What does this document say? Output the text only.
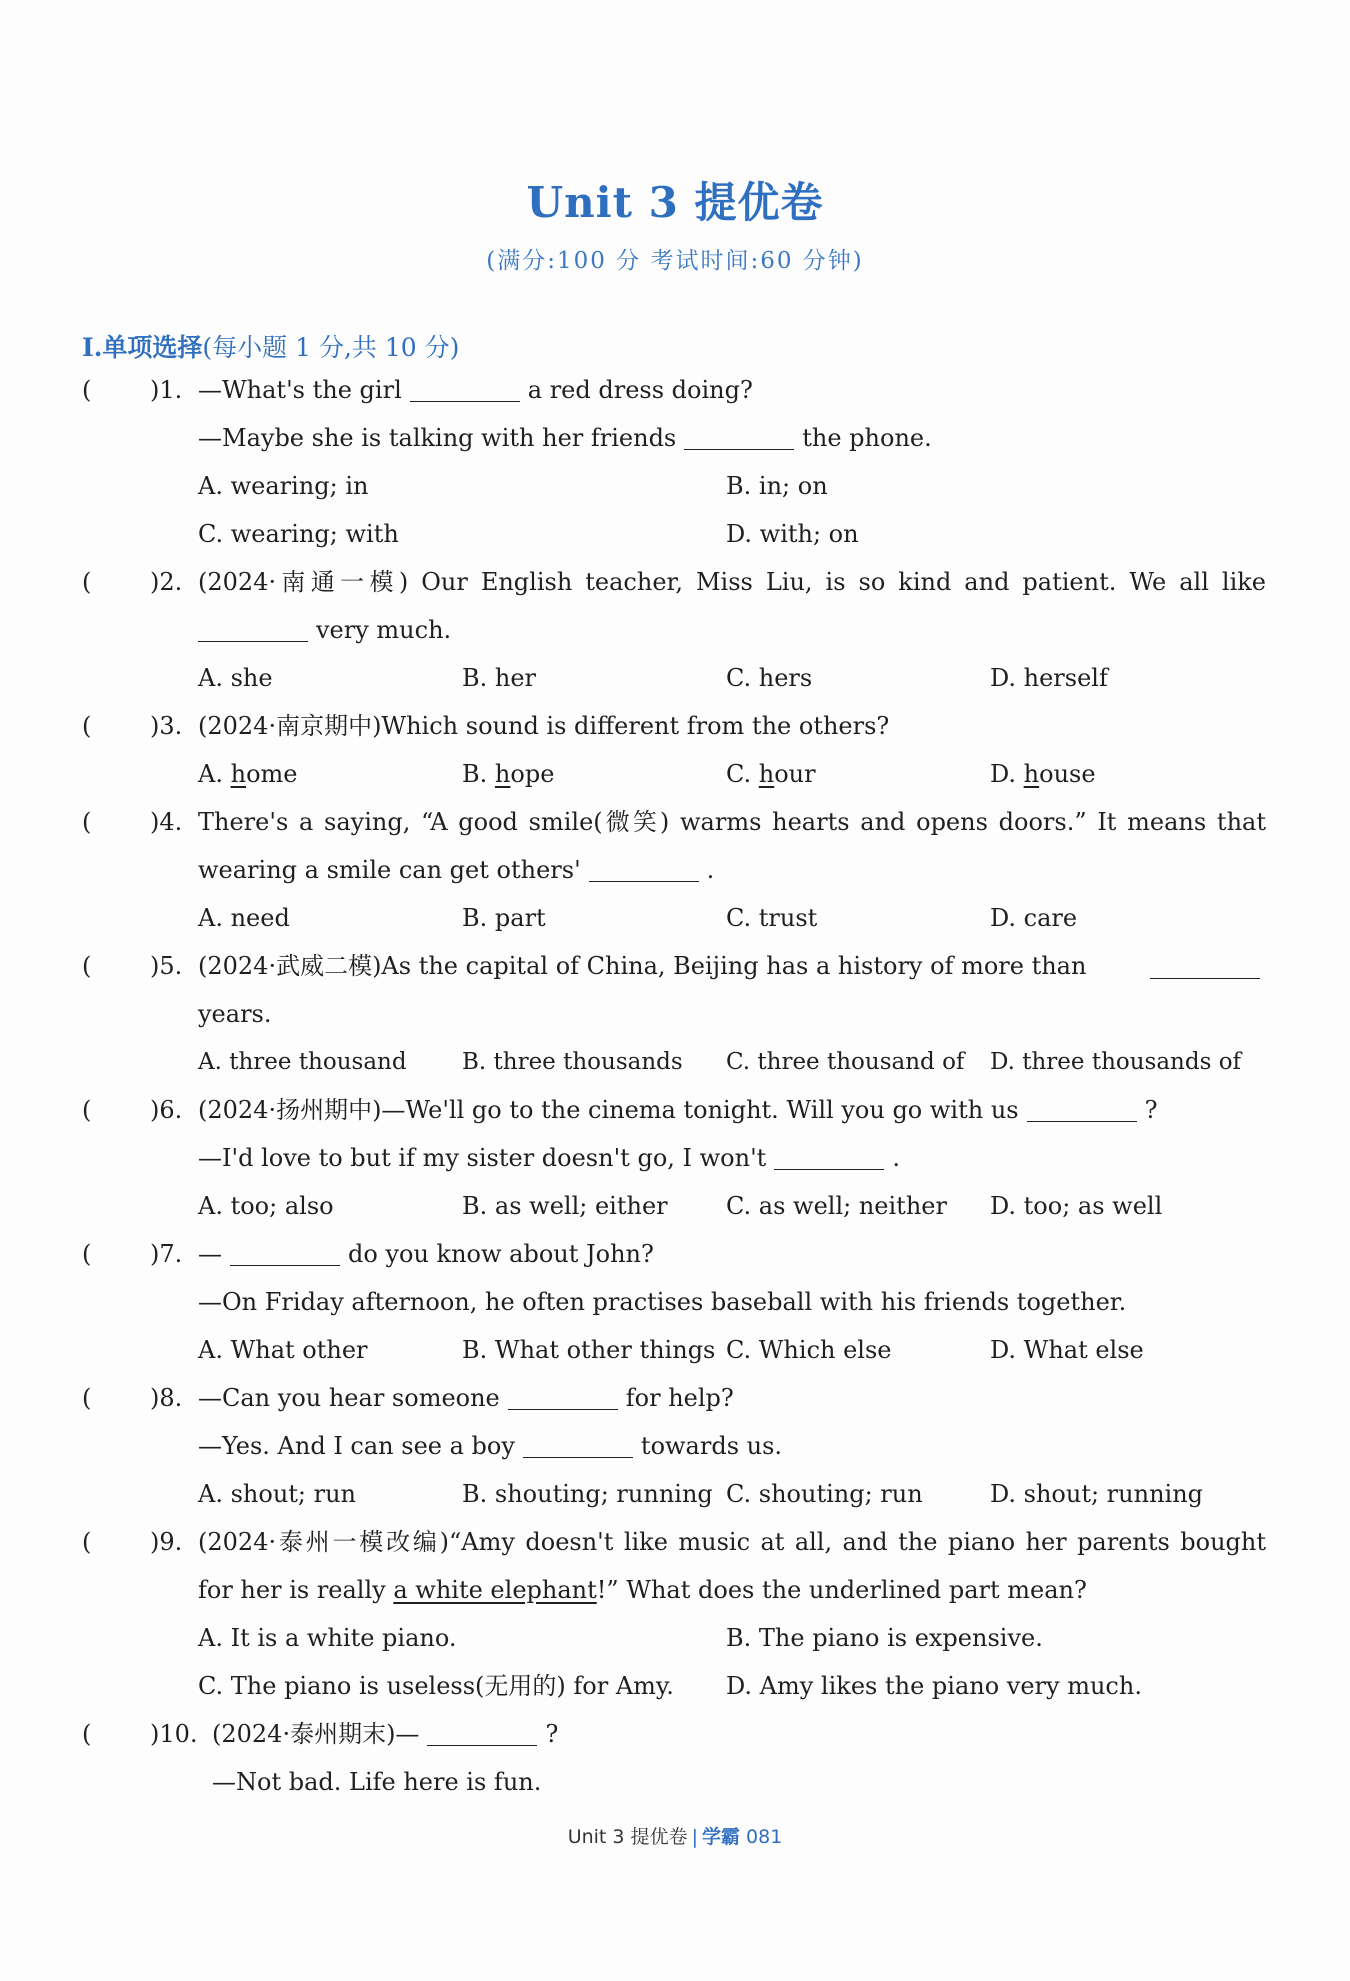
Unit 3 提优卷
(满分:100 分 考试时间:60 分钟)
Ⅰ.单项选择(每小题 1 分,共 10 分)
( )1. —What's the girl	a red dress doing?
—Maybe she is talking with her friends	the phone.
A. wearing; in	B. in; on
C. wearing; with	D. with; on
( )2. (2024·南通一模) Our English teacher, Miss Liu, is so kind and patient. We all like
very much.
A. she	B. her	C. hers	D. herself
( )3. (2024·南京期中)Which sound is different from the others?
A. home	B. hope	C. hour	D. house
( )4. There's a saying, “A good smile(微笑) warms hearts and opens doors.” It means that
wearing a smile can get others'	.
A. need	B. part	C. trust	D. care
( )5. (2024·武威二模)As the capital of China, Beijing has a history of more than
years.
A. three thousand B. three thousands C. three thousand of D. three thousands of
( )6. (2024·扬州期中)—We'll go to the cinema tonight. Will you go with us	?
—I'd love to but if my sister doesn't go, I won't	.
A. too; also	B. as well; either C. as well; neither D. too; as well
( )7. —	do you know about John?
—On Friday afternoon, he often practises baseball with his friends together.
A. What other	B. What other things C. Which else	D. What else
( )8. —Can you hear someone	for help?
—Yes. And I can see a boy	towards us.
A. shout; run	B. shouting; running C. shouting; run	D. shout; running
( )9. (2024·泰州一模改编)“Amy doesn't like music at all, and the piano her parents bought
for her is really a white elephant!” What does the underlined part mean?
A. It is a white piano.	B. The piano is expensive.
C. The piano is useless(无用的) for Amy. D. Amy likes the piano very much.
( )10. (2024·泰州期末)—	?
—Not bad. Life here is fun.
Unit 3 提优卷 | 学霸 081
